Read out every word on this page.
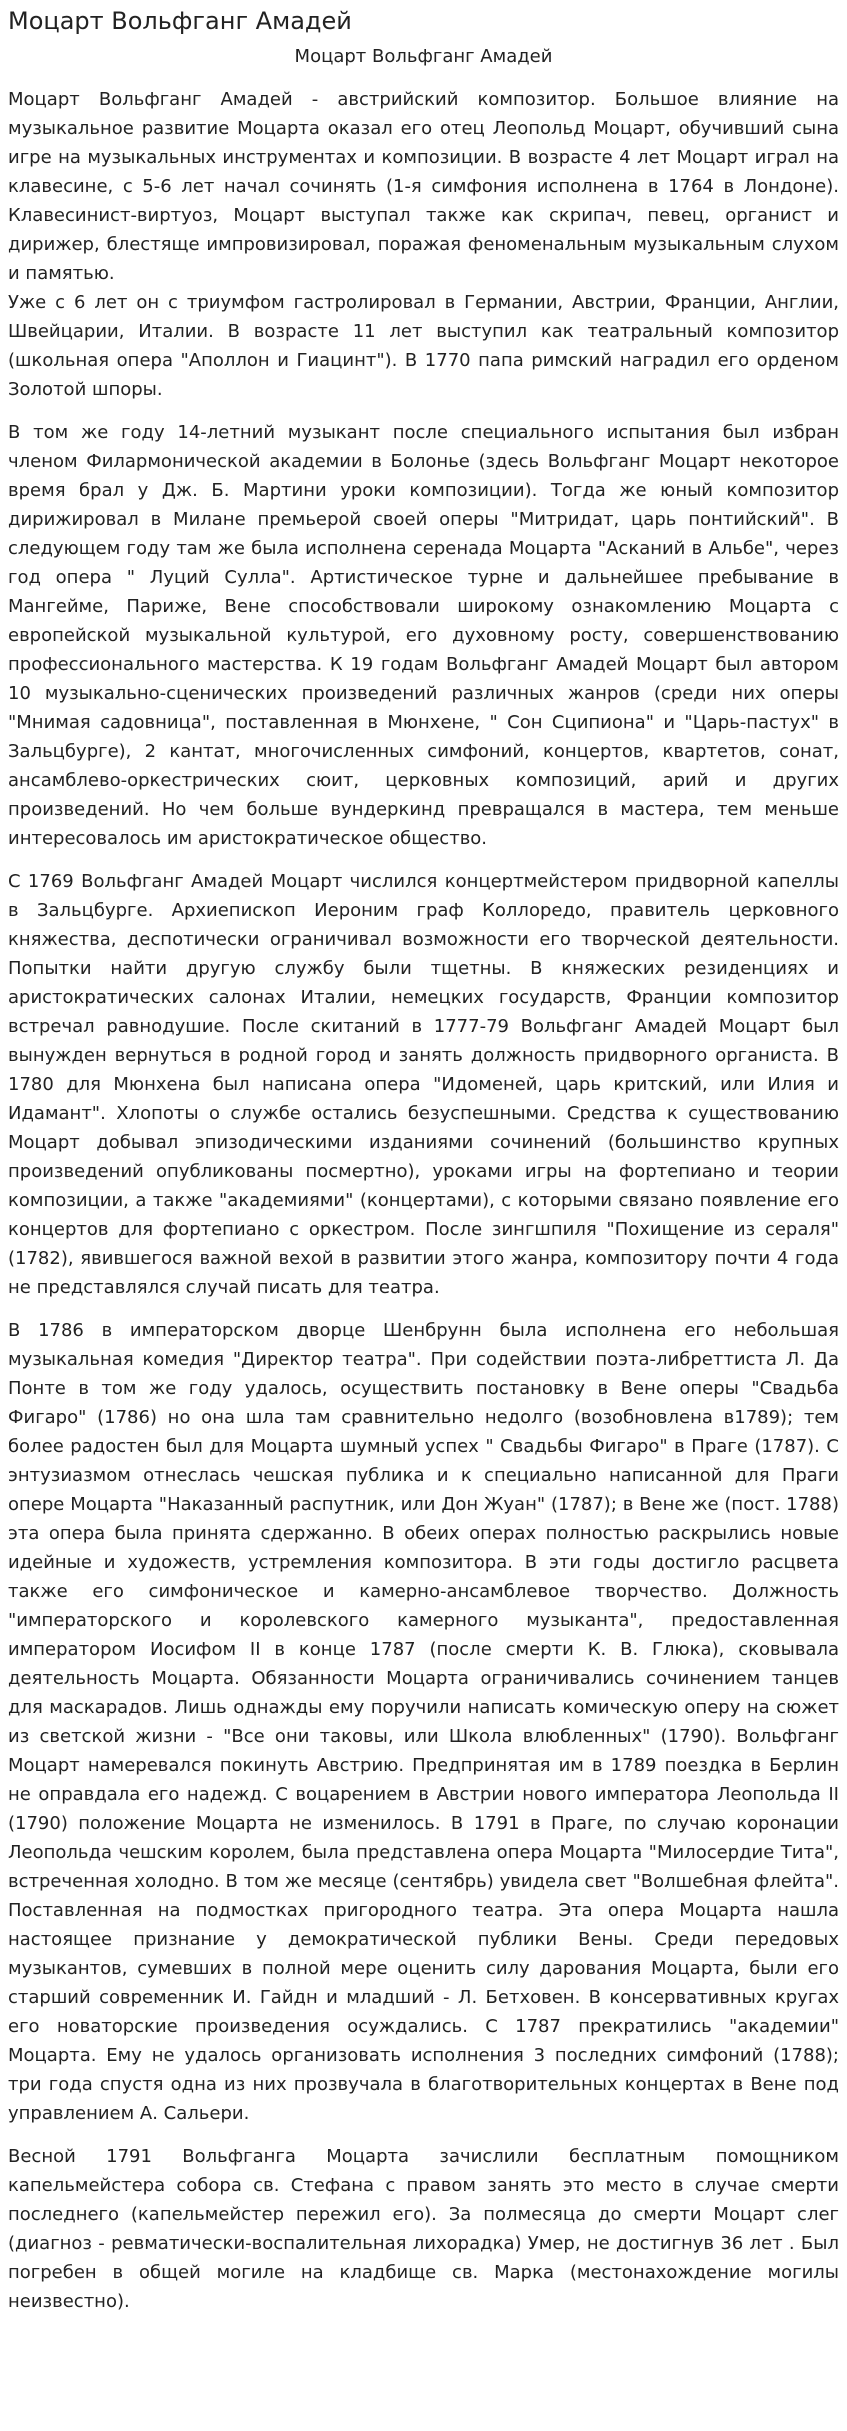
Моцарт Вольфганг Амадей
Моцарт Вольфганг Амадей

Моцарт Вольфганг Амадей - австрийский композитор. Большое влияние на музыкальное развитие Моцарта оказал его отец Леопольд Моцарт, обучивший сына игре на музыкальных инструментах и композиции. В возрасте 4 лет Моцарт играл на клавесине, с 5-6 лет начал сочинять (1-я симфония исполнена в 1764 в Лондоне). Клавесинист-виртуоз, Моцарт выступал также как скрипач, певец, органист и дирижер, блестяще импровизировал, поражая феноменальным музыкальным слухом и памятью.

Уже с 6 лет он с триумфом гастролировал в Германии, Австрии, Франции, Англии, Швейцарии, Италии. В возрасте 11 лет выступил как театральный композитор (школьная опера "Аполлон и Гиацинт"). В 1770 папа римский наградил его орденом Золотой шпоры.

В том же году 14-летний музыкант после специального испытания был избран членом Филармонической академии в Болонье (здесь Вольфганг Моцарт некоторое время брал у Дж. Б. Мартини уроки композиции). Тогда же юный композитор дирижировал в Милане премьерой своей оперы "Митридат, царь понтийский". В следующем году там же была исполнена серенада Моцарта "Асканий в Альбе", через год опера " Луций Сулла". Артистическое турне и дальнейшее пребывание в Мангейме, Париже, Вене способствовали широкому ознакомлению Моцарта с европейской музыкальной культурой, его духовному росту, совершенствованию профессионального мастерства. К 19 годам Вольфганг Амадей Моцарт был автором 10 музыкально-сценических произведений различных жанров (среди них оперы "Мнимая садовница", поставленная в Мюнхене, " Сон Сципиона" и "Царь-пастух" в Зальцбурге), 2 кантат, многочисленных симфоний, концертов, квартетов, сонат, ансамблево-оркестрических сюит, церковных композиций, арий и других произведений. Но чем больше вундеркинд превращался в мастера, тем меньше интересовалось им аристократическое общество.

С 1769 Вольфганг Амадей Моцарт числился концертмейстером придворной капеллы в Зальцбурге. Архиепископ Иероним граф Коллоредо, правитель церковного княжества, деспотически ограничивал возможности его творческой деятельности. Попытки найти другую службу были тщетны. В княжеских резиденциях и аристократических салонах Италии, немецких государств, Франции композитор встречал равнодушие. После скитаний в 1777-79 Вольфганг Амадей Моцарт был вынужден вернуться в родной город и занять должность придворного органиста. В 1780 для Мюнхена был написана опера "Идоменей, царь критский, или Илия и Идамант". Хлопоты о службе остались безуспешными. Средства к существованию Моцарт добывал эпизодическими изданиями сочинений (большинство крупных произведений опубликованы посмертно), уроками игры на фортепиано и теории композиции, а также "академиями" (концертами), с которыми связано появление его концертов для фортепиано с оркестром. После зингшпиля "Похищение из сераля" (1782), явившегося важной вехой в развитии этого жанра, композитору почти 4 года не представлялся случай писать для театра.

В 1786 в императорском дворце Шенбрунн была исполнена его небольшая музыкальная комедия "Директор театра". При содействии поэта-либреттиста Л. Да Понте в том же году удалось, осуществить постановку в Вене оперы "Свадьба Фигаро" (1786) но она шла там сравнительно недолго (возобновлена в1789); тем более радостен был для Моцарта шумный успех " Свадьбы Фигаро" в Праге (1787). С энтузиазмом отнеслась чешская публика и к специально написанной для Праги опере Моцарта "Наказанный распутник, или Дон Жуан" (1787); в Вене же (пост. 1788) эта опера была принята сдержанно. В обеих операх полностью раскрылись новые идейные и художеств, устремления композитора. В эти годы достигло расцвета также его симфоническое и камерно-ансамблевое творчество. Должность "императорского и королевского камерного музыканта", предоставленная императором Иосифом II в конце 1787 (после смерти К. В. Глюка), сковывала деятельность Моцарта. Обязанности Моцарта ограничивались сочинением танцев для маскарадов. Лишь однажды ему поручили написать комическую оперу на сюжет из светской жизни - "Все они таковы, или Школа влюбленных" (1790). Вольфганг Моцарт намеревался покинуть Австрию. Предпринятая им в 1789 поездка в Берлин не оправдала его надежд. С воцарением в Австрии нового императора Леопольда II (1790) положение Моцарта не изменилось. В 1791 в Праге, по случаю коронации Леопольда чешским королем, была представлена опера Моцарта "Милосердие Тита", встреченная холодно. В том же месяце (сентябрь) увидела свет "Волшебная флейта". Поставленная на подмостках пригородного театра. Эта опера Моцарта нашла настоящее признание у демократической публики Вены. Среди передовых музыкантов, сумевших в полной мере оценить силу дарования Моцарта, были его старший современник И. Гайдн и младший - Л. Бетховен. В консервативных кругах его новаторские произведения осуждались. С 1787 прекратились "академии" Моцарта. Ему не удалось организовать исполнения 3 последних симфоний (1788); три года спустя одна из них прозвучала в благотворительных концертах в Вене под управлением А. Сальери.

Весной 1791 Вольфганга Моцарта зачислили бесплатным помощником капельмейстера собора св. Стефана с правом занять это место в случае смерти последнего (капельмейстер пережил его). За полмесяца до смерти Моцарт слег (диагноз - ревматически-воспалительная лихорадка) Умер, не достигнув 36 лет . Был погребен в общей могиле на кладбище св. Марка (местонахождение могилы неизвестно).
